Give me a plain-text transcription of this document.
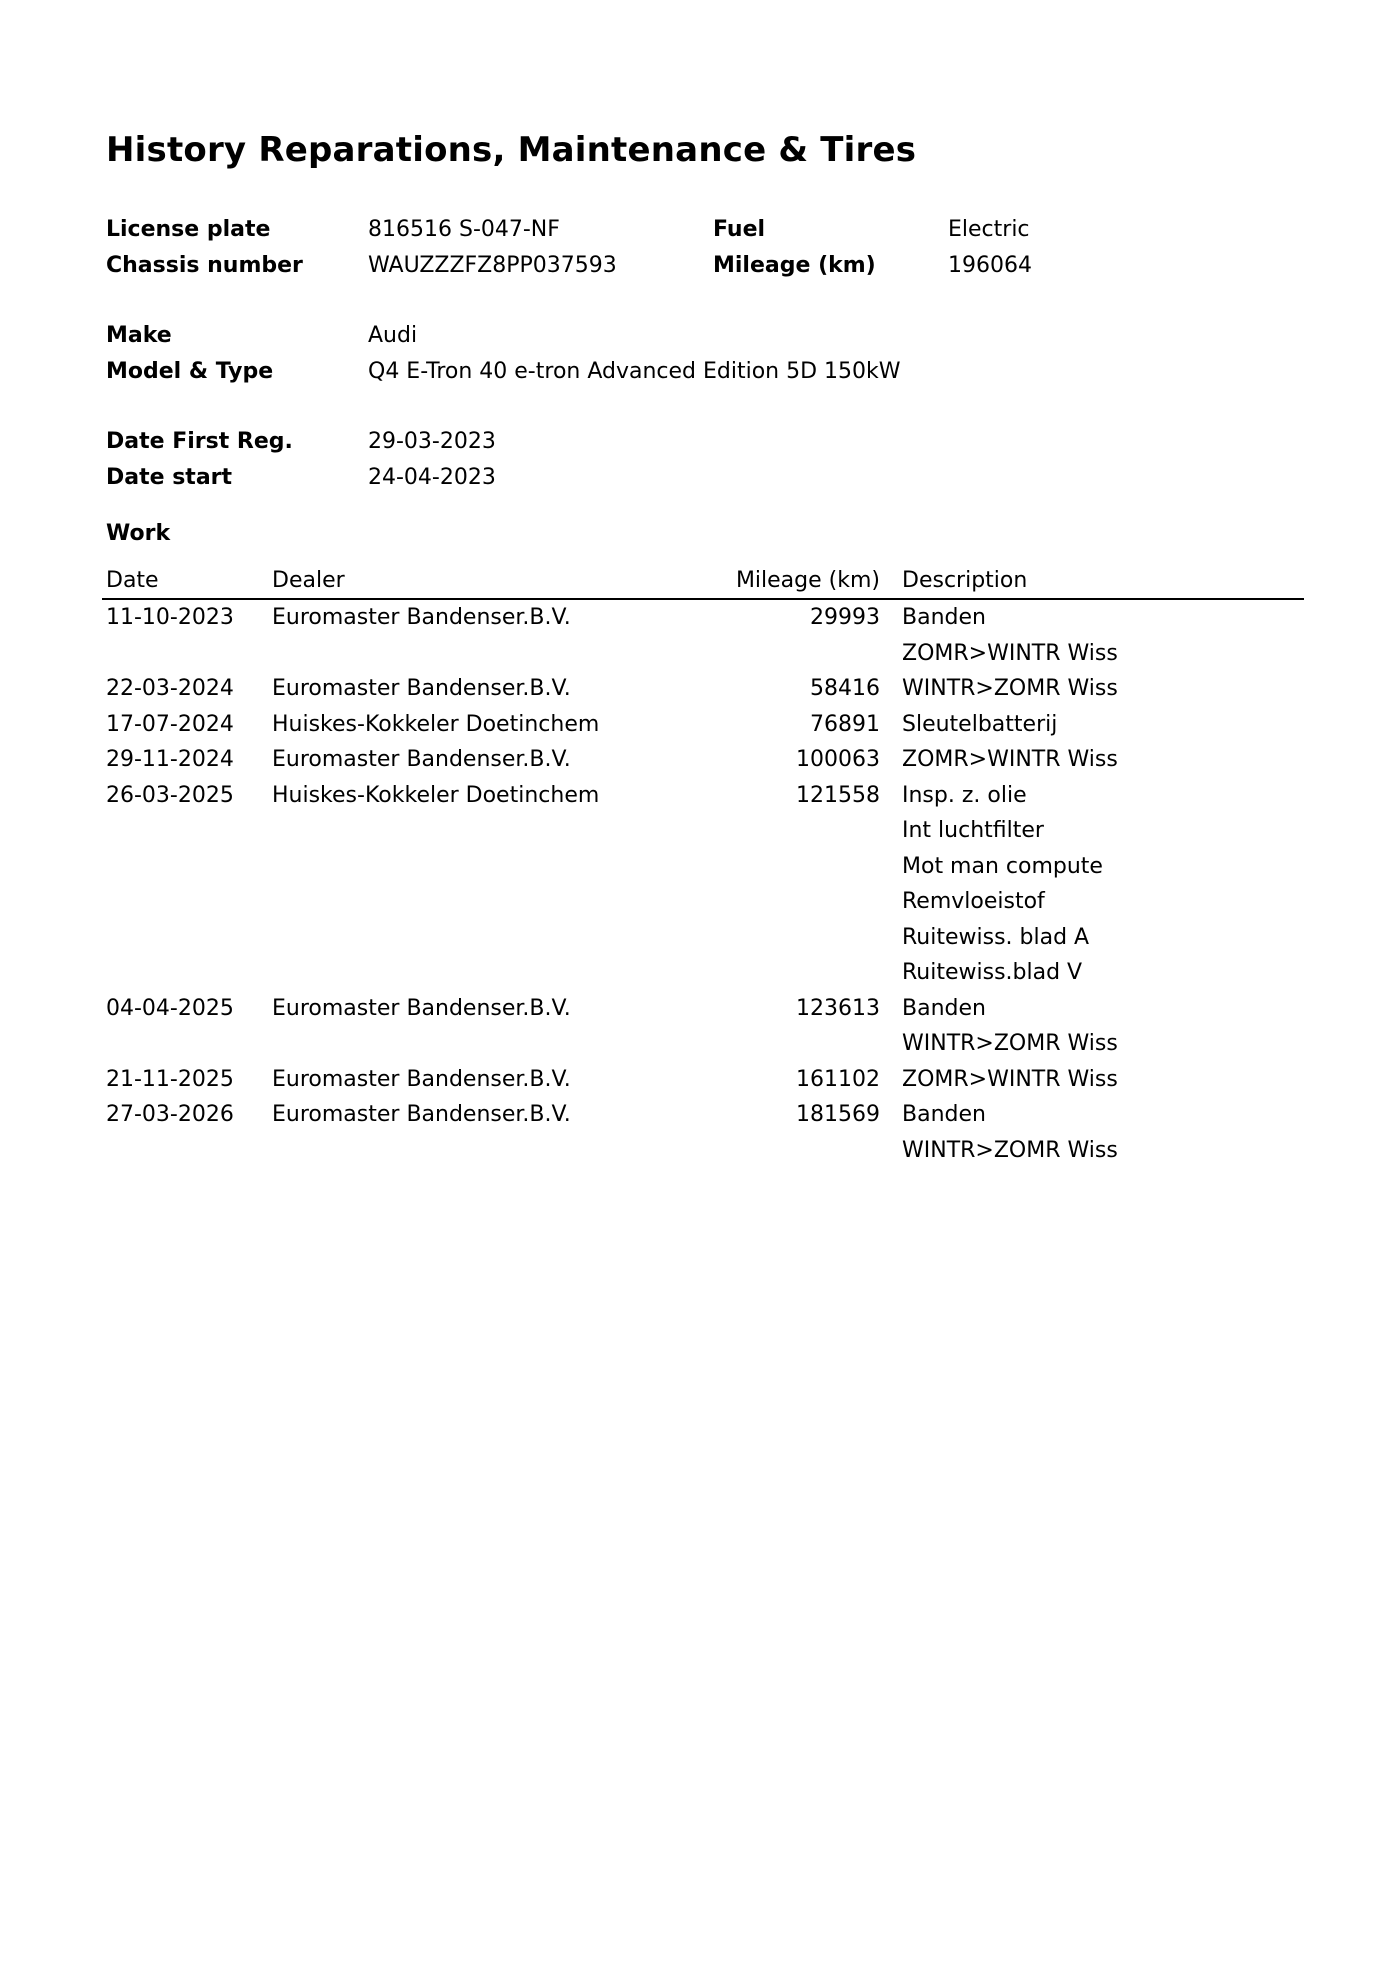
History Reparations, Maintenance & Tires
License plate	816516 S-047-NF	Fuel	Electric
Chassis number	WAUZZZFZ8PP037593	Mileage (km)	196064
Make	Audi
Model & Type	Q4 E-Tron 40 e-tron Advanced Edition 5D 150kW
Date First Reg.	29-03-2023
Date start	24-04-2023
Work
Date	Dealer	Mileage (km)	Description
11-10-2023	Euromaster Bandenser.B.V.	29993	Banden
			ZOMR>WINTR Wiss
22-03-2024	Euromaster Bandenser.B.V.	58416	WINTR>ZOMR Wiss
17-07-2024	Huiskes-Kokkeler Doetinchem	76891	Sleutelbatterij
29-11-2024	Euromaster Bandenser.B.V.	100063	ZOMR>WINTR Wiss
26-03-2025	Huiskes-Kokkeler Doetinchem	121558	Insp. z. olie
			Int luchtfilter
			Mot man compute
			Remvloeistof
			Ruitewiss. blad A
			Ruitewiss.blad V
04-04-2025	Euromaster Bandenser.B.V.	123613	Banden
			WINTR>ZOMR Wiss
21-11-2025	Euromaster Bandenser.B.V.	161102	ZOMR>WINTR Wiss
27-03-2026	Euromaster Bandenser.B.V.	181569	Banden
			WINTR>ZOMR Wiss
